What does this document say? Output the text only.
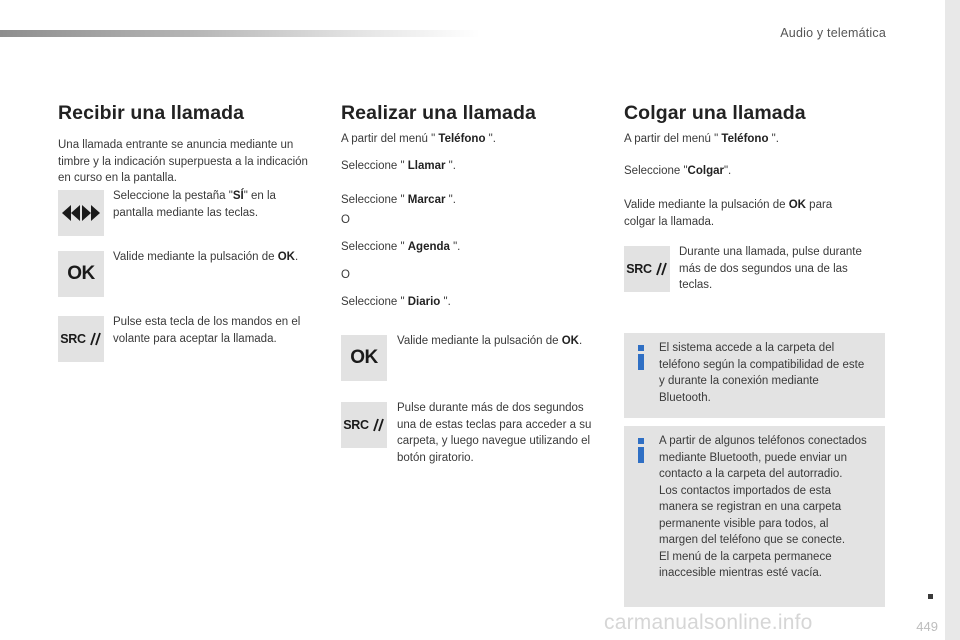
Audio y telemática
Recibir una llamada
Una llamada entrante se anuncia mediante un timbre y la indicación superpuesta a la indicación en curso en la pantalla.
Seleccione la pestaña "SÍ" en la pantalla mediante las teclas.
OK
Valide mediante la pulsación de OK.
SRC
Pulse esta tecla de los mandos en el volante para aceptar la llamada.
Realizar una llamada
A partir del menú " Teléfono ".
Seleccione " Llamar ".
Seleccione " Marcar ".
O
Seleccione " Agenda ".
O
Seleccione " Diario ".
OK
Valide mediante la pulsación de OK.
SRC
Pulse durante más de dos segundos una de estas teclas para acceder a su carpeta, y luego navegue utilizando el botón giratorio.
Colgar una llamada
A partir del menú " Teléfono ".
Seleccione "Colgar".
Valide mediante la pulsación de OK para colgar la llamada.
SRC
Durante una llamada, pulse durante más de dos segundos una de las teclas.
El sistema accede a la carpeta del teléfono según la compatibilidad de este y durante la conexión mediante Bluetooth.
A partir de algunos teléfonos conectados mediante Bluetooth, puede enviar un contacto a la carpeta del autorradio.
Los contactos importados de esta manera se registran en una carpeta permanente visible para todos, al margen del teléfono que se conecte.
El menú de la carpeta permanece inaccesible mientras esté vacía.
449
carmanualsonline.info
